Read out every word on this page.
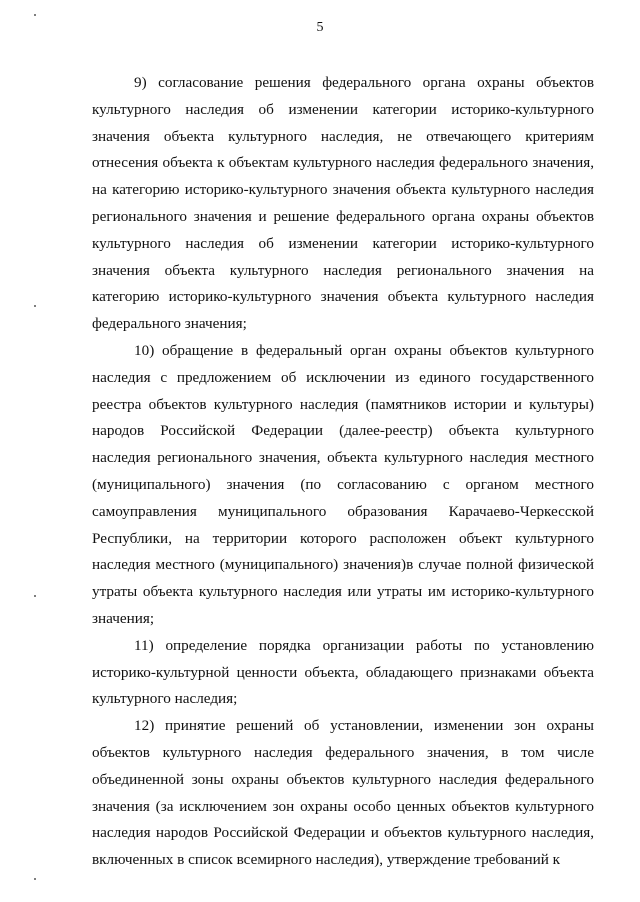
5

9) согласование решения федерального органа охраны объектов культурного наследия об изменении категории историко-культурного значения объекта культурного наследия, не отвечающего критериям отнесения объекта к объектам культурного наследия федерального значения, на категорию историко-культурного значения объекта культурного наследия регионального значения и решение федерального органа охраны объектов культурного наследия об изменении категории историко-культурного значения объекта культурного наследия регионального значения на категорию историко-культурного значения объекта культурного наследия федерального значения;

10) обращение в федеральный орган охраны объектов культурного наследия с предложением об исключении из единого государственного реестра объектов культурного наследия (памятников истории и культуры) народов Российской Федерации (далее-реестр) объекта культурного наследия регионального значения, объекта культурного наследия местного (муниципального) значения (по согласованию с органом местного самоуправления муниципального образования Карачаево-Черкесской Республики, на территории которого расположен объект культурного наследия местного (муниципального) значения)в случае полной физической утраты объекта культурного наследия или утраты им историко-культурного значения;

11) определение порядка организации работы по установлению историко-культурной ценности объекта, обладающего признаками объекта культурного наследия;

12) принятие решений об установлении, изменении зон охраны объектов культурного наследия федерального значения, в том числе объединенной зоны охраны объектов культурного наследия федерального значения (за исключением зон охраны особо ценных объектов культурного наследия народов Российской Федерации и объектов культурного наследия, включенных в список всемирного наследия), утверждение требований к
